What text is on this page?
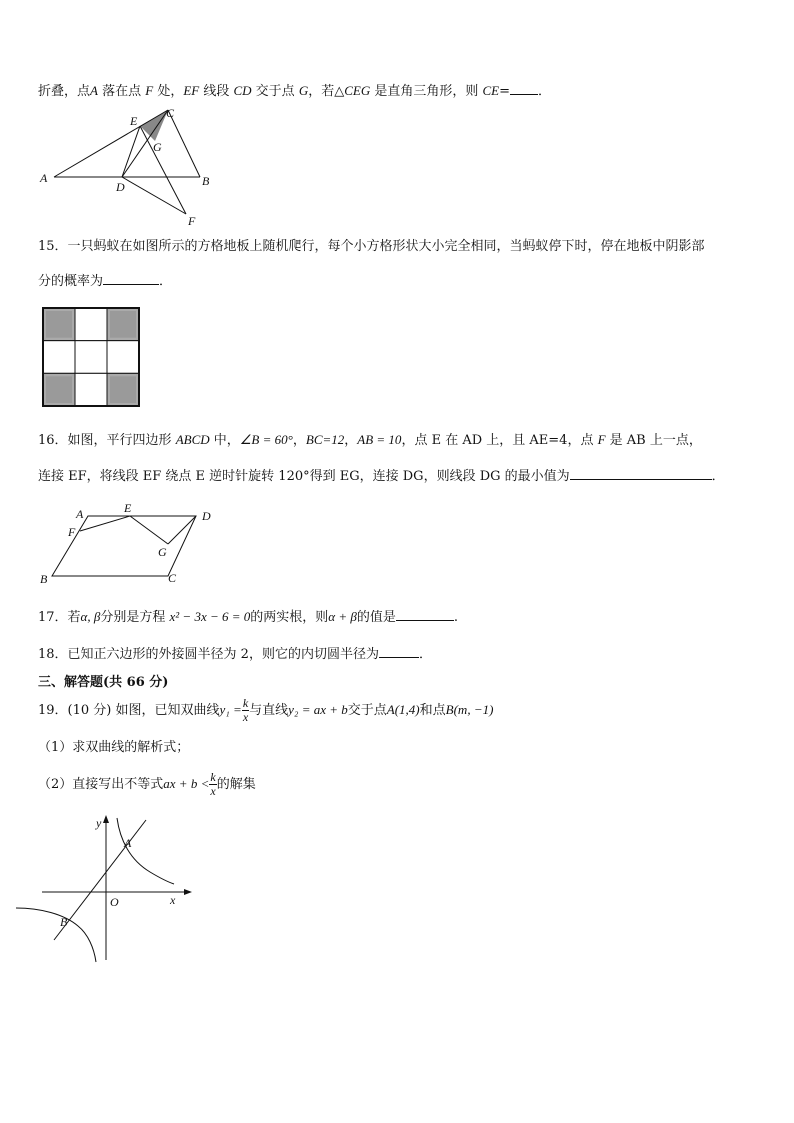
折叠，点A 落在点 F 处，EF 线段 CD 交于点 G，若△CEG 是直角三角形，则 CE= ．
A	B
C
D
E
F
G
15．一只蚂蚁在如图所示的方格地板上随机爬行，每个小方格形状大小完全相同，当蚂蚁停下时，停在地板中阴影部
分的概率为	．
16．如图，平行四边形 ABCD 中，∠B = 60°，BC=12，AB = 10，点 E 在 AD 上，且 AE=4，点 F 是 AB 上一点，
连接 EF，将线段 EF 绕点 E 逆时针旋转 120°得到 EG，连接 DG，则线段 DG 的最小值为	．
A
B	C
D
E
F
G
17．若α, β分别是方程 x² − 3x − 6 = 0的两实根，则α + β的值是	.
18．已知正六边形的外接圆半径为 2，则它的内切圆半径为	．
三、解答题(共 66 分)
19．(10 分) 如图，已知双曲线$y_1 = \frac{k}{x}$ 与直线y₂ = ax + b交于点A(1,4)和点B(m, −1)
（1）求双曲线的解析式；
（2）直接写出不等式ax + $b < \frac{k}{x}$ 的解集
y
x
O
A
B
